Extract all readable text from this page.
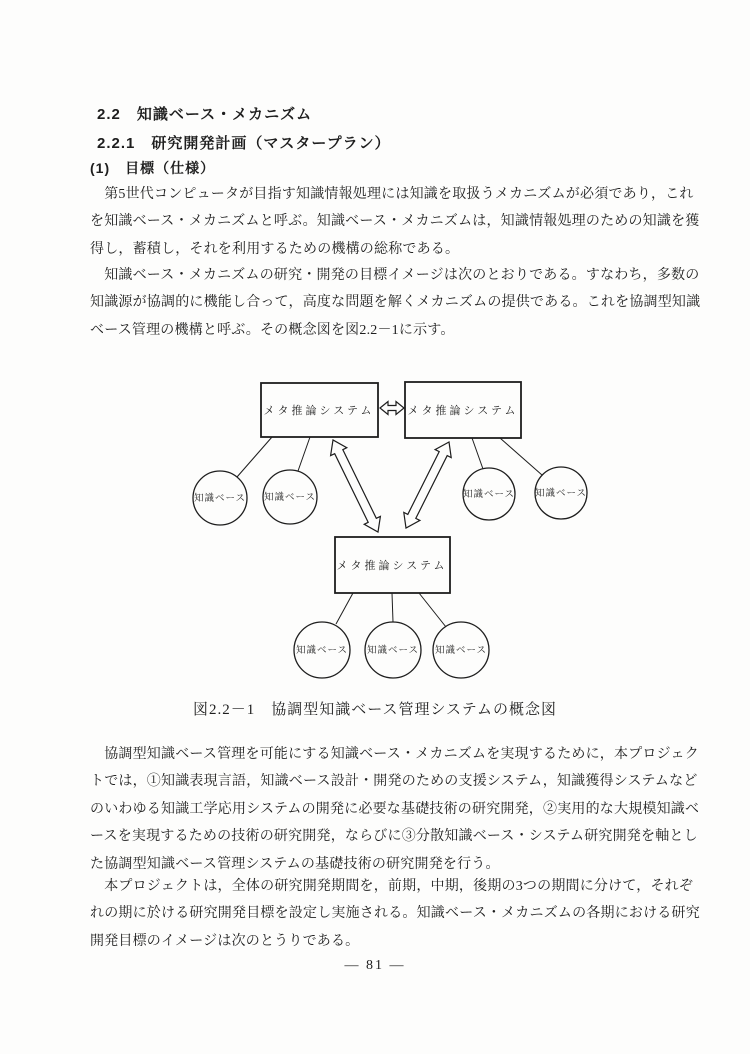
2.2　知識ベース・メカニズム
2.2.1　研究開発計画（マスタープラン）
(1)　目標（仕様）
　第5世代コンピュータが目指す知識情報処理には知識を取扱うメカニズムが必須であり，これ
を知識ベース・メカニズムと呼ぶ。知識ベース・メカニズムは，知識情報処理のための知識を獲
得し，蓄積し，それを利用するための機構の総称である。
　知識ベース・メカニズムの研究・開発の目標イメージは次のとおりである。すなわち，多数の
知識源が協調的に機能し合って，高度な問題を解くメカニズムの提供である。これを協調型知識
ベース管理の機構と呼ぶ。その概念図を図2.2－1に示す。
メタ推論システム	メタ推論システム
メタ推論システム
知識ベース 知識ベース	知識ベース 知識ベース
知識ベース 知識ベース 知識ベース
図2.2－1　協調型知識ベース管理システムの概念図
　協調型知識ベース管理を可能にする知識ベース・メカニズムを実現するために，本プロジェク
トでは，①知識表現言語，知識ベース設計・開発のための支援システム，知識獲得システムなど
のいわゆる知識工学応用システムの開発に必要な基礎技術の研究開発，②実用的な大規模知識ベ
ースを実現するための技術の研究開発，ならびに③分散知識ベース・システム研究開発を軸とし
た協調型知識ベース管理システムの基礎技術の研究開発を行う。
　本プロジェクトは，全体の研究開発期間を，前期，中期，後期の3つの期間に分けて，それぞ
れの期に於ける研究開発目標を設定し実施される。知識ベース・メカニズムの各期における研究
開発目標のイメージは次のとうりである。
— 81 —
